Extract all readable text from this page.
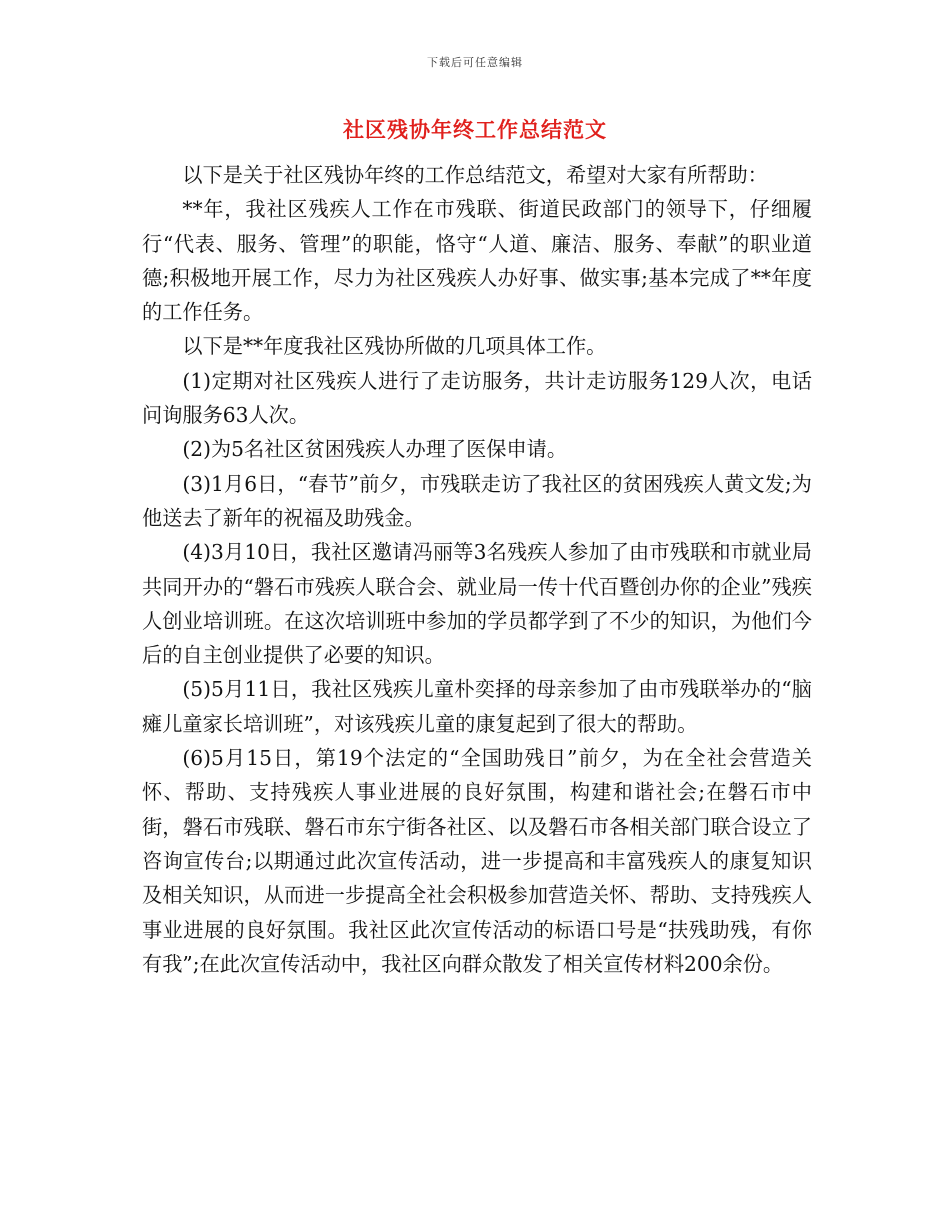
下载后可任意编辑
社区残协年终工作总结范文

以下是关于社区残协年终的工作总结范文，希望对大家有所帮助：

**年，我社区残疾人工作在市残联、街道民政部门的领导下，仔细履行“代表、服务、管理”的职能，恪守“人道、廉洁、服务、奉献”的职业道德;积极地开展工作，尽力为社区残疾人办好事、做实事;基本完成了**年度的工作任务。

以下是**年度我社区残协所做的几项具体工作。

(1)定期对社区残疾人进行了走访服务，共计走访服务129人次，电话问询服务63人次。

(2)为5名社区贫困残疾人办理了医保申请。

(3)1月6日，“春节”前夕，市残联走访了我社区的贫困残疾人黄文发;为他送去了新年的祝福及助残金。

(4)3月10日，我社区邀请冯丽等3名残疾人参加了由市残联和市就业局共同开办的“磐石市残疾人联合会、就业局一传十代百暨创办你的企业”残疾人创业培训班。在这次培训班中参加的学员都学到了不少的知识，为他们今后的自主创业提供了必要的知识。

(5)5月11日，我社区残疾儿童朴奕择的母亲参加了由市残联举办的“脑瘫儿童家长培训班”，对该残疾儿童的康复起到了很大的帮助。

(6)5月15日，第19个法定的“全国助残日”前夕，为在全社会营造关怀、帮助、支持残疾人事业进展的良好氛围，构建和谐社会;在磐石市中街，磐石市残联、磐石市东宁街各社区、以及磐石市各相关部门联合设立了咨询宣传台;以期通过此次宣传活动，进一步提高和丰富残疾人的康复知识及相关知识，从而进一步提高全社会积极参加营造关怀、帮助、支持残疾人事业进展的良好氛围。我社区此次宣传活动的标语口号是“扶残助残，有你有我”;在此次宣传活动中，我社区向群众散发了相关宣传材料200余份。
